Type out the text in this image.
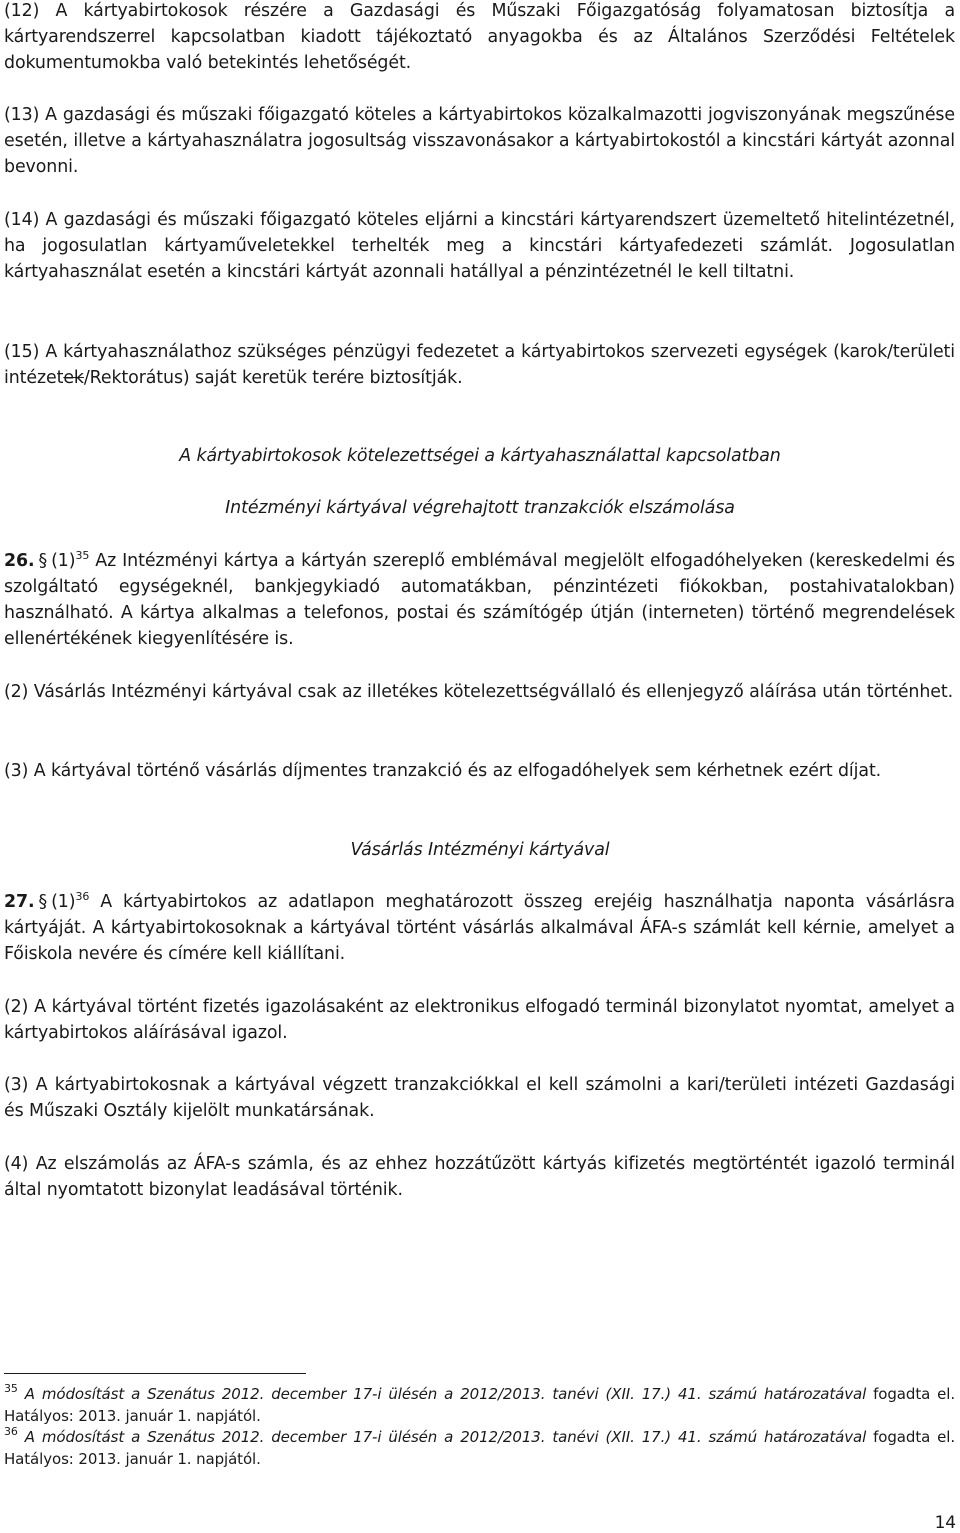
(12) A kártyabirtokosok részére a Gazdasági és Műszaki Főigazgatóság folyamatosan biztosítja a kártyarendszerrel kapcsolatban kiadott tájékoztató anyagokba és az Általános Szerződési Feltételek dokumentumokba való betekintés lehetőségét.

(13) A gazdasági és műszaki főigazgató köteles a kártyabirtokos közalkalmazotti jogviszonyának megszűnése esetén, illetve a kártyahasználatra jogosultság visszavonásakor a kártyabirtokostól a kincstári kártyát azonnal bevonni.

(14) A gazdasági és műszaki főigazgató köteles eljárni a kincstári kártyarendszert üzemeltető hitelintézetnél, ha jogosulatlan kártyaműveletekkel terhelték meg a kincstári kártyafedezeti számlát. Jogosulatlan kártyahasználat esetén a kincstári kártyát azonnali hatállyal a pénzintézetnél le kell tiltatni.

(15) A kártyahasználathoz szükséges pénzügyi fedezetet a kártyabirtokos szervezeti egységek (karok/területi intézetek/Rektorátus) saját keretük terére biztosítják.

A kártyabirtokosok kötelezettségei a kártyahasználattal kapcsolatban

Intézményi kártyával végrehajtott tranzakciók elszámolása

26. § $(1)^{35}$ Az Intézményi kártya a kártyán szereplő emblémával megjelölt elfogadóhelyeken (kereskedelmi és szolgáltató egységeknél, bankjegykiadó automatákban, pénzintézeti fiókokban, postahivatalokban) használható. A kártya alkalmas a telefonos, postai és számítógép útján (interneten) történő megrendelések ellenértékének kiegyenlítésére is.

(2) Vásárlás Intézményi kártyával csak az illetékes kötelezettségvállaló és ellenjegyző aláírása után történhet.

(3) A kártyával történő vásárlás díjmentes tranzakció és az elfogadóhelyek sem kérhetnek ezért díjat.

Vásárlás Intézményi kártyával

27. § $(1)^{36}$ A kártyabirtokos az adatlapon meghatározott összeg erejéig használhatja naponta vásárlásra kártyáját. A kártyabirtokosoknak a kártyával történt vásárlás alkalmával ÁFA-s számlát kell kérnie, amelyet a Főiskola nevére és címére kell kiállítani.

(2) A kártyával történt fizetés igazolásaként az elektronikus elfogadó terminál bizonylatot nyomtat, amelyet a kártyabirtokos aláírásával igazol.

(3) A kártyabirtokosnak a kártyával végzett tranzakciókkal el kell számolni a kari/területi intézeti Gazdasági és Műszaki Osztály kijelölt munkatársának.

(4) Az elszámolás az ÁFA-s számla, és az ehhez hozzátűzött kártyás kifizetés megtörténtét igazoló terminál által nyomtatott bizonylat leadásával történik.

$^{35}$ A módosítást a Szenátus 2012. december 17-i ülésén a 2012/2013. tanévi (XII. 17.) 41. számú határozatával fogadta el. Hatályos: 2013. január 1. napjától.

$^{36}$ A módosítást a Szenátus 2012. december 17-i ülésén a 2012/2013. tanévi (XII. 17.) 41. számú határozatával fogadta el. Hatályos: 2013. január 1. napjától.

14
